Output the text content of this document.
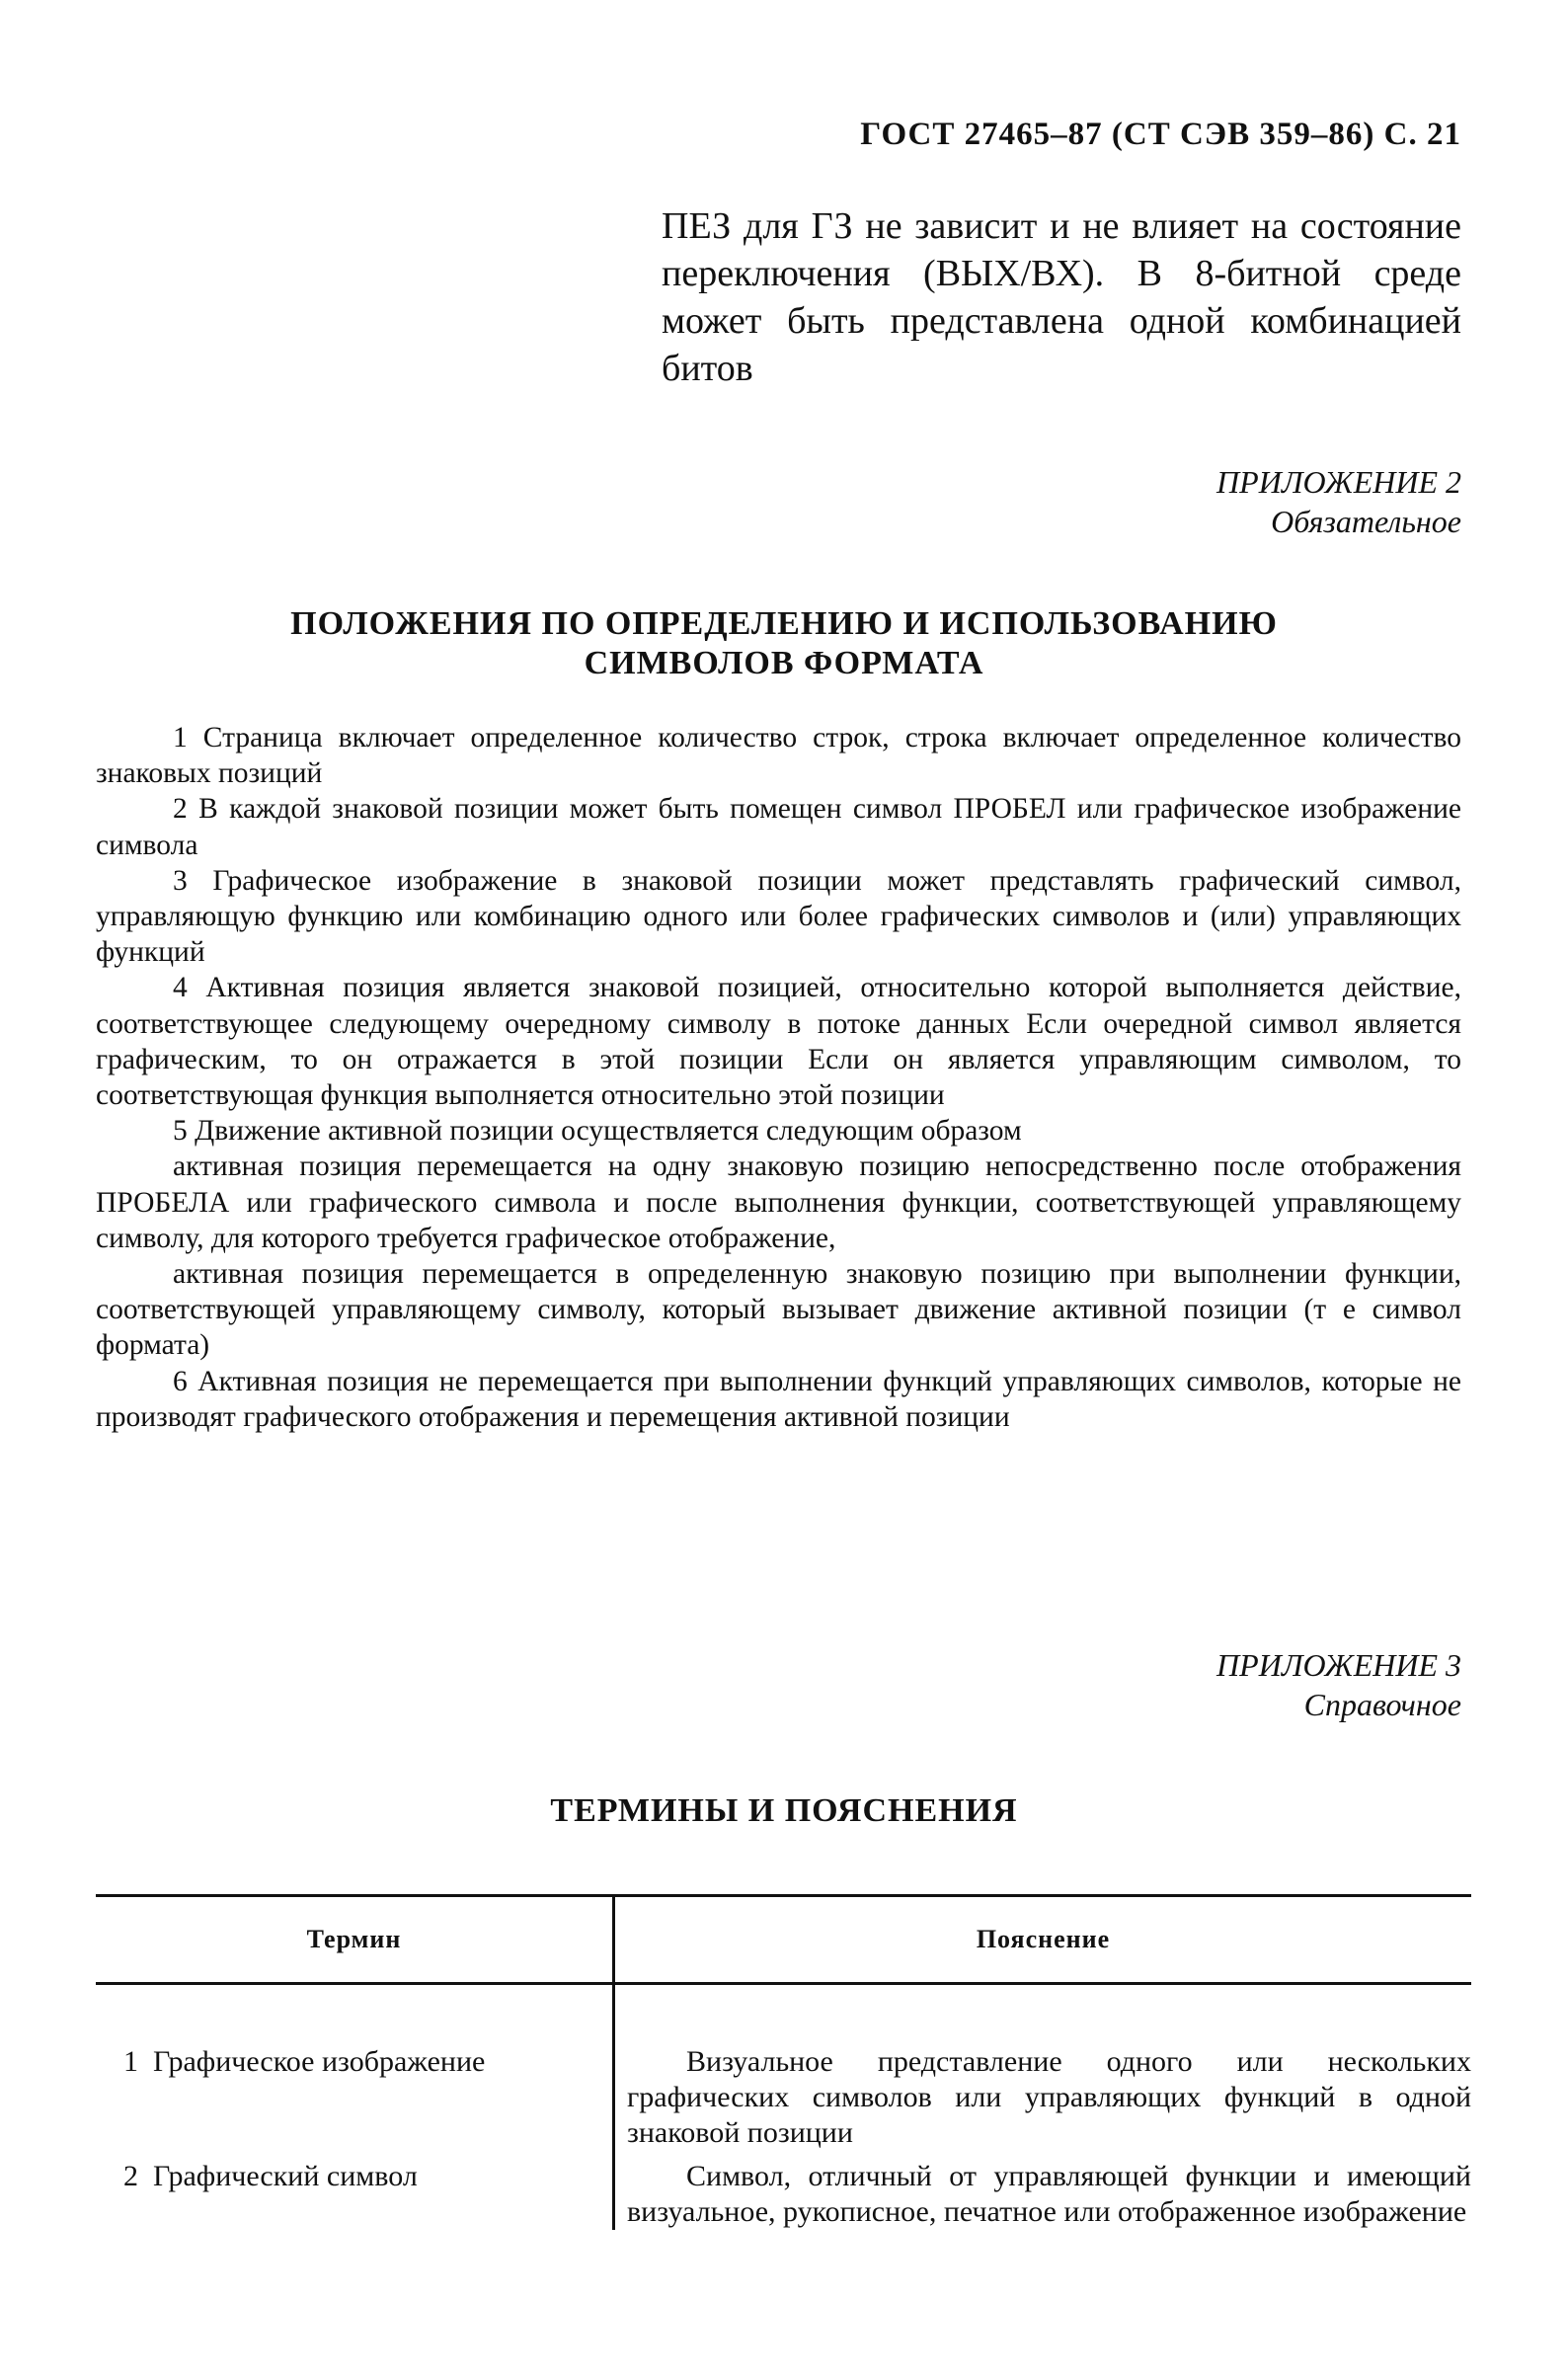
ГОСТ 27465–87 (СТ СЭВ 359–86) С. 21
ПЕЗ для ГЗ не зависит и не влияет на состояние переключения (ВЫХ/ВХ). В 8-битной среде может быть представлена одной комбинацией битов
ПРИЛОЖЕНИЕ 2
Обязательное
ПОЛОЖЕНИЯ ПО ОПРЕДЕЛЕНИЮ И ИСПОЛЬЗОВАНИЮ
СИМВОЛОВ ФОРМАТА

1 Страница включает определенное количество строк, строка включает определенное количество знаковых позиций

2 В каждой знаковой позиции может быть помещен символ ПРОБЕЛ или графическое изображение символа

3 Графическое изображение в знаковой позиции может представлять графический символ, управляющую функцию или комбинацию одного или более графических символов и (или) управляющих функций

4 Активная позиция является знаковой позицией, относительно которой выполняется действие, соответствующее следующему очередному символу в потоке данных Если очередной символ является графическим, то он отражается в этой позиции Если он является управляющим символом, то соответствующая функция выполняется относительно этой позиции

5 Движение активной позиции осуществляется следующим образом

активная позиция перемещается на одну знаковую позицию непосредственно после отображения ПРОБЕЛА или графического символа и после выполнения функции, соответствующей управляющему символу, для которого требуется графическое отображение,

активная позиция перемещается в определенную знаковую позицию при выполнении функции, соответствующей управляющему символу, который вызывает движение активной позиции (т е символ формата)

6 Активная позиция не перемещается при выполнении функций управляющих символов, которые не производят графического отображения и перемещения активной позиции

ПРИЛОЖЕНИЕ 3
Справочное
ТЕРМИНЫ И ПОЯСНЕНИЯ
Термин	Пояснение
1 Графическое изображение	Визуальное представление одного или нескольких графических символов или управляющих функций в одной знаковой позиции
2 Графический символ	Символ, отличный от управляющей функции и имеющий визуальное, рукописное, печатное или отображенное изображение
